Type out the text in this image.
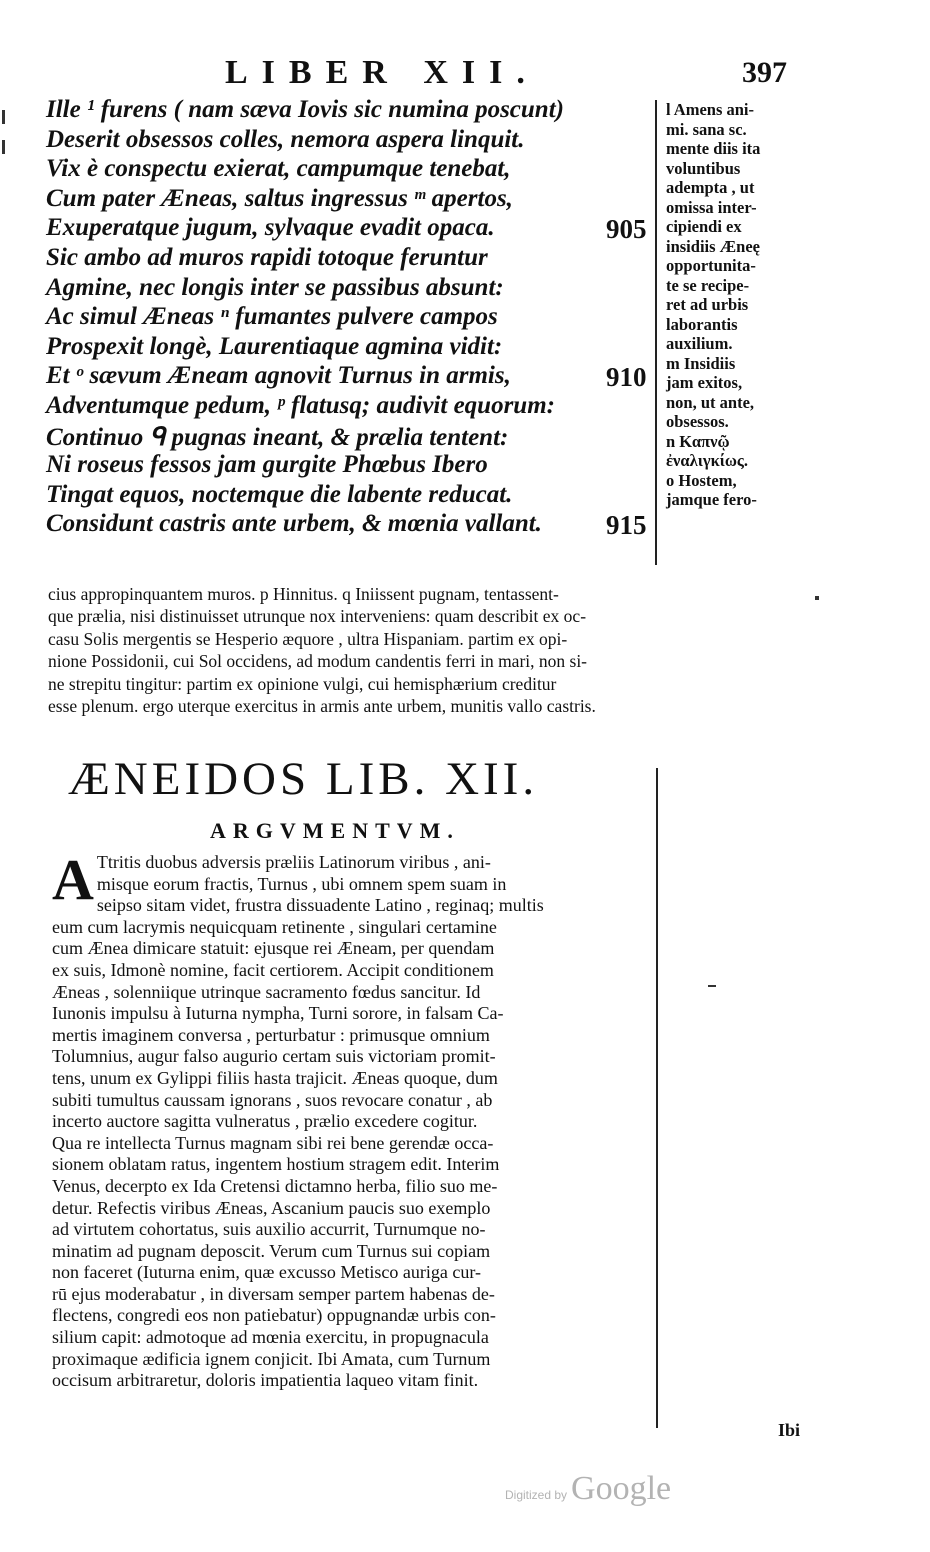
LIBER XII.	397
Ille ¹ furens ( nam sæva Iovis sic numina poscunt)
Deserit obsessos colles, nemora aspera linquit.
Vix è conspectu exierat, campumque tenebat,
Cum pater Æneas, saltus ingressus ᵐ apertos,
Exuperatque jugum, sylvaque evadit opaca.	905
Sic ambo ad muros rapidi totoque feruntur
Agmine, nec longis inter se passibus absunt:
Ac simul Æneas ⁿ fumantes pulvere campos
Prospexit longè, Laurentiaque agmina vidit:
Et ᵒ sævum Æneam agnovit Turnus in armis,	910
Adventumque pedum, ᵖ flatusq; audivit equorum:
Continuo ᑫ pugnas ineant, & prælia tentent:
Ni roseus fessos jam gurgite Phœbus Ibero
Tingat equos, noctemque die labente reducat.
Considunt castris ante urbem, & mœnia vallant. 915
l Amens ani-
mi. sana sc.
mente diis ita
voluntibus
adempta , ut
omissa inter-
cipiendi ex
insidiis Æneę
opportunita-
te se recipe-
ret ad urbis
laborantis
auxilium.
m Insidiis
jam exitos,
non, ut ante,
obsessos.
n Καπνῷ
ἐναλιγκίως.
o Hostem,
jamque fero-
cius appropinquantem muros. p Hinnitus. q Iniissent pugnam, tentassent-
que prælia, nisi distinuisset utrunque nox interveniens: quam describit ex oc-
casu Solis mergentis se Hesperio æquore , ultra Hispaniam. partim ex opi-
nione Possidonii, cui Sol occidens, ad modum candentis ferri in mari, non si-
ne strepitu tingitur: partim ex opinione vulgi, cui hemisphærium creditur
esse plenum. ergo uterque exercitus in armis ante urbem, munitis vallo castris.
ÆNEIDOS LIB. XII.
ARGVMENTVM.
A Ttritis duobus adversis præliis Latinorum viribus , ani-
misque eorum fractis, Turnus , ubi omnem spem suam in
seipso sitam videt, frustra dissuadente Latino , reginaq; multis
eum cum lacrymis nequicquam retinente , singulari certamine
cum Ænea dimicare statuit: ejusque rei Æneam, per quendam
ex suis, Idmonè nomine, facit certiorem. Accipit conditionem
Æneas , solenniique utrinque sacramento fœdus sancitur. Id
Iunonis impulsu à Iuturna nympha, Turni sorore, in falsam Ca-
mertis imaginem conversa , perturbatur : primusque omnium
Tolumnius, augur falso augurio certam suis victoriam promit-
tens, unum ex Gylippi filiis hasta trajicit. Æneas quoque, dum
subiti tumultus caussam ignorans , suos revocare conatur , ab
incerto auctore sagitta vulneratus , prælio excedere cogitur.
Qua re intellecta Turnus magnam sibi rei bene gerendæ occa-
sionem oblatam ratus, ingentem hostium stragem edit. Interim
Venus, decerpto ex Ida Cretensi dictamno herba, filio suo me-
detur. Refectis viribus Æneas, Ascanium paucis suo exemplo
ad virtutem cohortatus, suis auxilio accurrit, Turnumque no-
minatim ad pugnam deposcit. Verum cum Turnus sui copiam
non faceret (Iuturna enim, quæ excusso Metisco auriga cur-
rū ejus moderabatur , in diversam semper partem habenas de-
flectens, congredi eos non patiebatur) oppugnandæ urbis con-
silium capit: admotoque ad mœnia exercitu, in propugnacula
proximaque ædificia ignem conjicit. Ibi Amata, cum Turnum
occisum arbitraretur, doloris impatientia laqueo vitam finit.
Ibi
Digitized by Google
